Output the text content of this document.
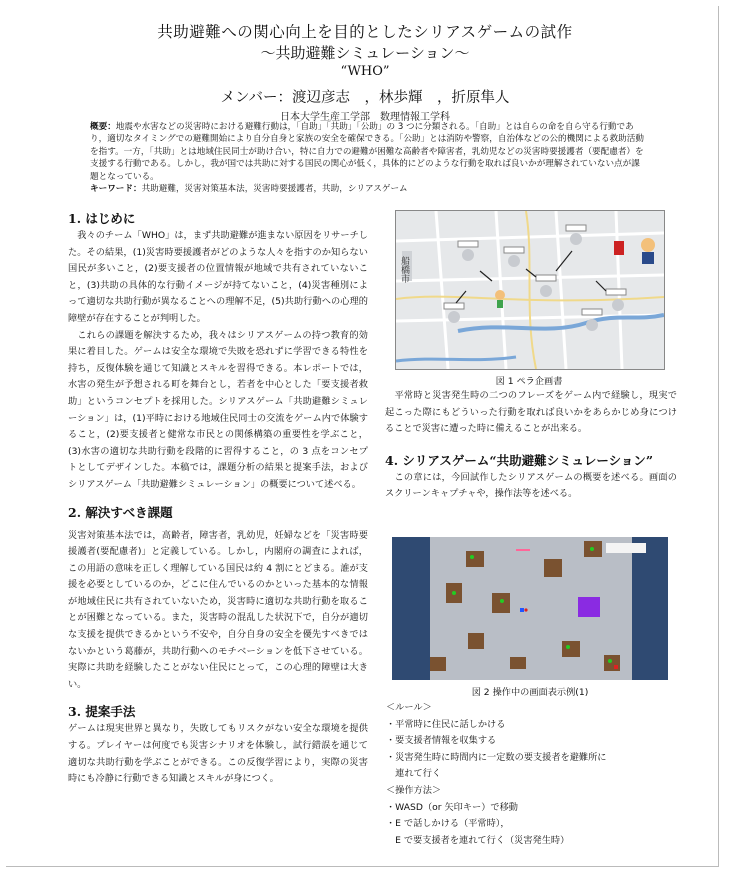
共助避難への関心向上を目的としたシリアスゲームの試作
〜共助避難シミュレーション〜
“WHO”
メンバー：渡辺彦志　，林歩輝　，折原隼人
日本大学生産工学部　数理情報工学科
概要：地震や水害などの災害時における避難行動は，「自助」「共助」「公助」の 3 つに分類される。「自助」とは自らの命を自ら守る行動であり，適切なタイミングでの避難開始により自分自身と家族の安全を確保できる。「公助」とは消防や警察，自治体などの公的機関による救助活動を指す。一方，「共助」とは地域住民同士が助け合い，特に自力での避難が困難な高齢者や障害者，乳幼児などの災害時要援護者（要配慮者）を支援する行動である。しかし，我が国では共助に対する国民の関心が低く，具体的にどのような行動を取れば良いかが理解されていない点が課題となっている。
キーワード：共助避難，災害対策基本法，災害時要援護者，共助，シリアスゲーム
1. はじめに

　我々のチーム「WHO」は，まず共助避難が進まない原因をリサーチした。その結果，(1)災害時要援護者がどのような人々を指すのか知らない国民が多いこと，(2)要支援者の位置情報が地域で共有されていないこと，(3)共助の具体的な行動イメージが持てないこと，(4)災害種別によって適切な共助行動が異なることへの理解不足，(5)共助行動への心理的障壁が存在することが判明した。

　これらの課題を解決するため，我々はシリアスゲームの持つ教育的効果に着目した。ゲームは安全な環境で失敗を恐れずに学習できる特性を持ち，反復体験を通じて知識とスキルを習得できる。本レポートでは，水害の発生が予想される町を舞台とし，若者を中心とした「要支援者救助」というコンセプトを採用した。シリアスゲーム「共助避難シミュレーション」は，(1)平時における地域住民同士の交流をゲーム内で体験すること，(2)要支援者と健常な市民との関係構築の重要性を学ぶこと，(3)水害の適切な共助行動を段階的に習得すること，の 3 点をコンセプトとしてデザインした。本稿では，課題分析の結果と提案手法，およびシリアスゲーム「共助避難シミュレーション」の概要について述べる。

2. 解決すべき課題

災害対策基本法では，高齢者，障害者，乳幼児，妊婦などを「災害時要援護者(要配慮者)」と定義している。しかし，内閣府の調査によれば，この用語の意味を正しく理解している国民は約 4 割にとどまる。誰が支援を必要としているのか，どこに住んでいるのかといった基本的な情報が地域住民に共有されていないため，災害時に適切な共助行動を取ることが困難となっている。また，災害時の混乱した状況下で，自分が適切な支援を提供できるかという不安や，自分自身の安全を優先すべきではないかという葛藤が，共助行動へのモチベーションを低下させている。実際に共助を経験したことがない住民にとって，この心理的障壁は大きい。

3. 提案手法

ゲームは現実世界と異なり，失敗してもリスクがない安全な環境を提供する。プレイヤーは何度でも災害シナリオを体験し，試行錯誤を通じて適切な共助行動を学ぶことができる。この反復学習により，実際の災害時にも冷静に行動できる知識とスキルが身につく。

船橋市
図 1 ペラ企画書

　平常時と災害発生時の二つのフレーズをゲーム内で経験し，現実で起こった際にもどういった行動を取れば良いかをあらかじめ身につけることで災害に遭った時に備えることが出来る。

4. シリアスゲーム“共助避難シミュレーション”

　この章には，今回試作したシリアスゲームの概要を述べる。画面のスクリーンキャプチャや，操作法等を述べる。

図 2 操作中の画面表示例(1)
＜ルール＞
・平常時に住民に話しかける
・要支援者情報を収集する
・災害発生時に時間内に一定数の要支援者を避難所に
　連れて行く
＜操作方法＞
・WASD（or 矢印キー）で移動
・E で話しかける（平常時），
　E で要支援者を連れて行く（災害発生時）
